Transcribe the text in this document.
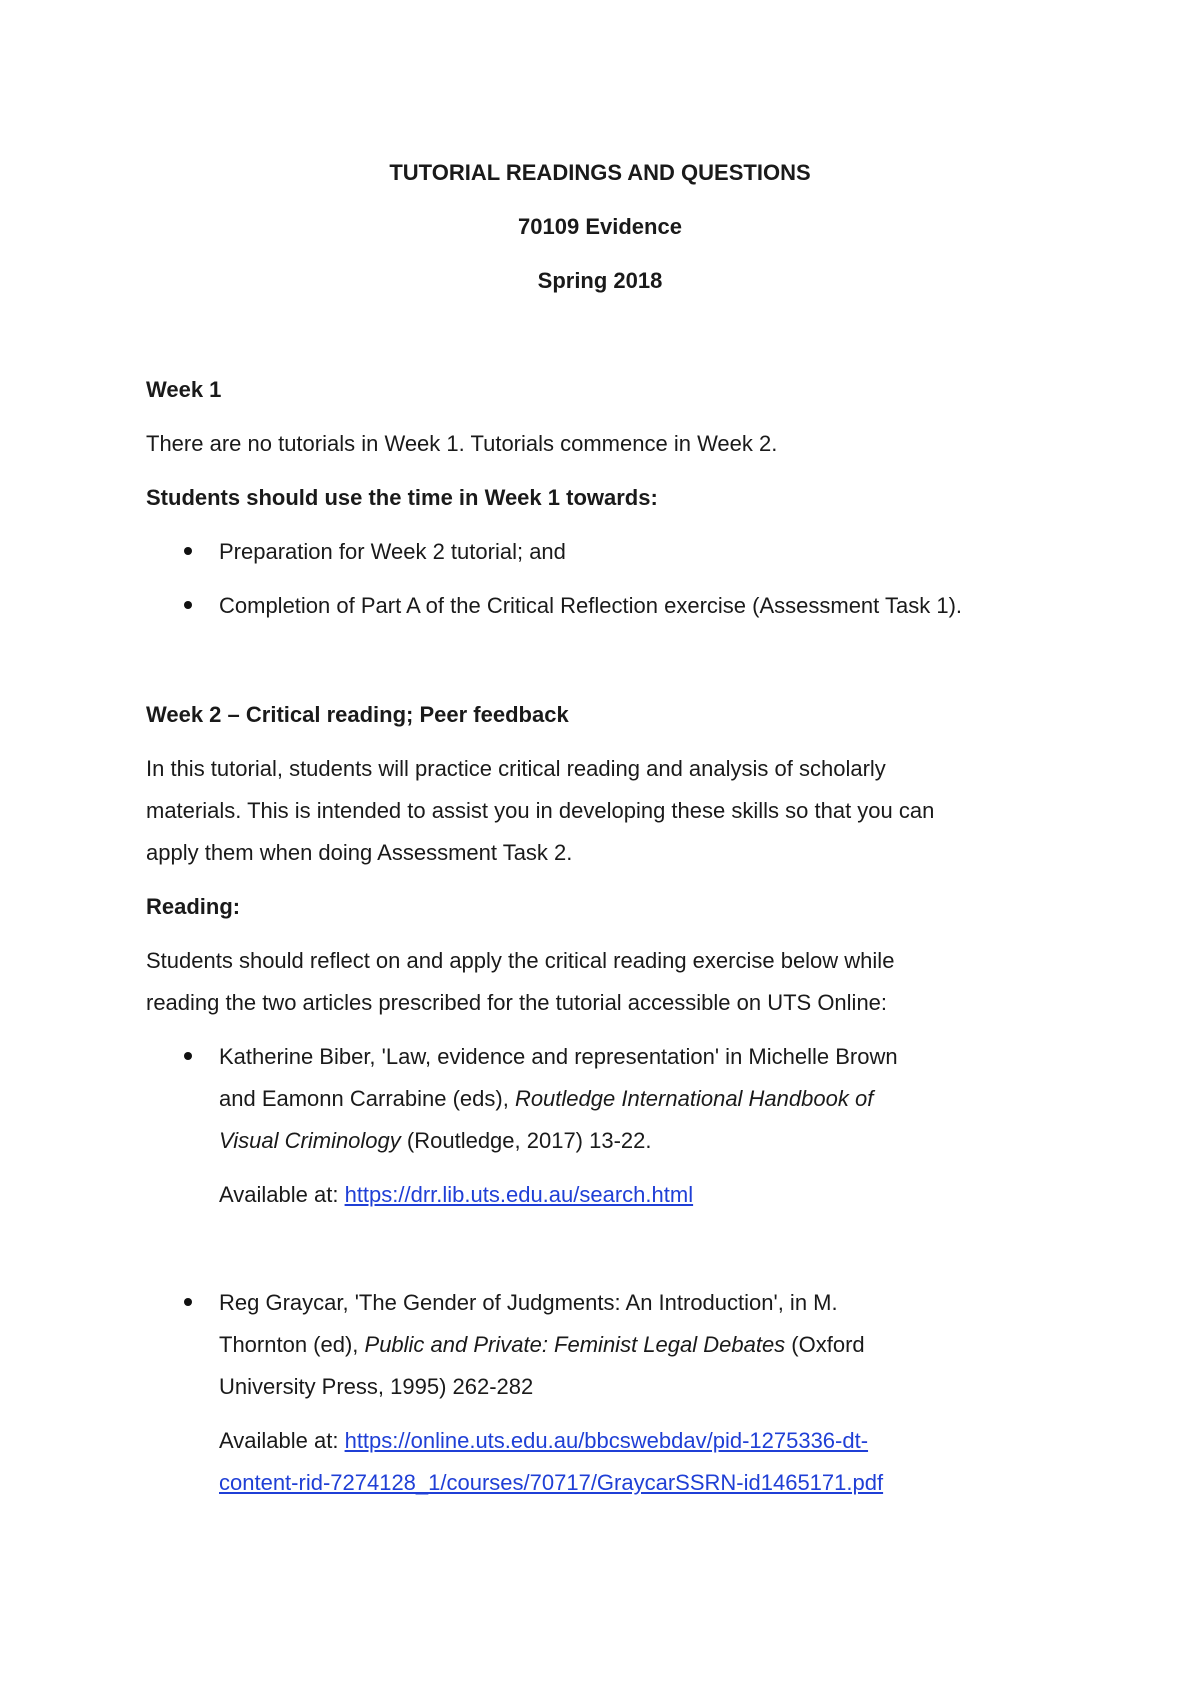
TUTORIAL READINGS AND QUESTIONS
70109 Evidence
Spring 2018
Week 1
There are no tutorials in Week 1. Tutorials commence in Week 2.
Students should use the time in Week 1 towards:
Preparation for Week 2 tutorial; and
Completion of Part A of the Critical Reflection exercise (Assessment Task 1).
Week 2 – Critical reading; Peer feedback
In this tutorial, students will practice critical reading and analysis of scholarly
materials. This is intended to assist you in developing these skills so that you can
apply them when doing Assessment Task 2.
Reading:
Students should reflect on and apply the critical reading exercise below while
reading the two articles prescribed for the tutorial accessible on UTS Online:
Katherine Biber, 'Law, evidence and representation' in Michelle Brown
and Eamonn Carrabine (eds), Routledge International Handbook of
Visual Criminology (Routledge, 2017) 13-22.
Available at: https://drr.lib.uts.edu.au/search.html
Reg Graycar, 'The Gender of Judgments: An Introduction', in M.
Thornton (ed), Public and Private: Feminist Legal Debates (Oxford
University Press, 1995) 262-282
Available at: https://online.uts.edu.au/bbcswebdav/pid-1275336-dt-
content-rid-7274128_1/courses/70717/GraycarSSRN-id1465171.pdf
